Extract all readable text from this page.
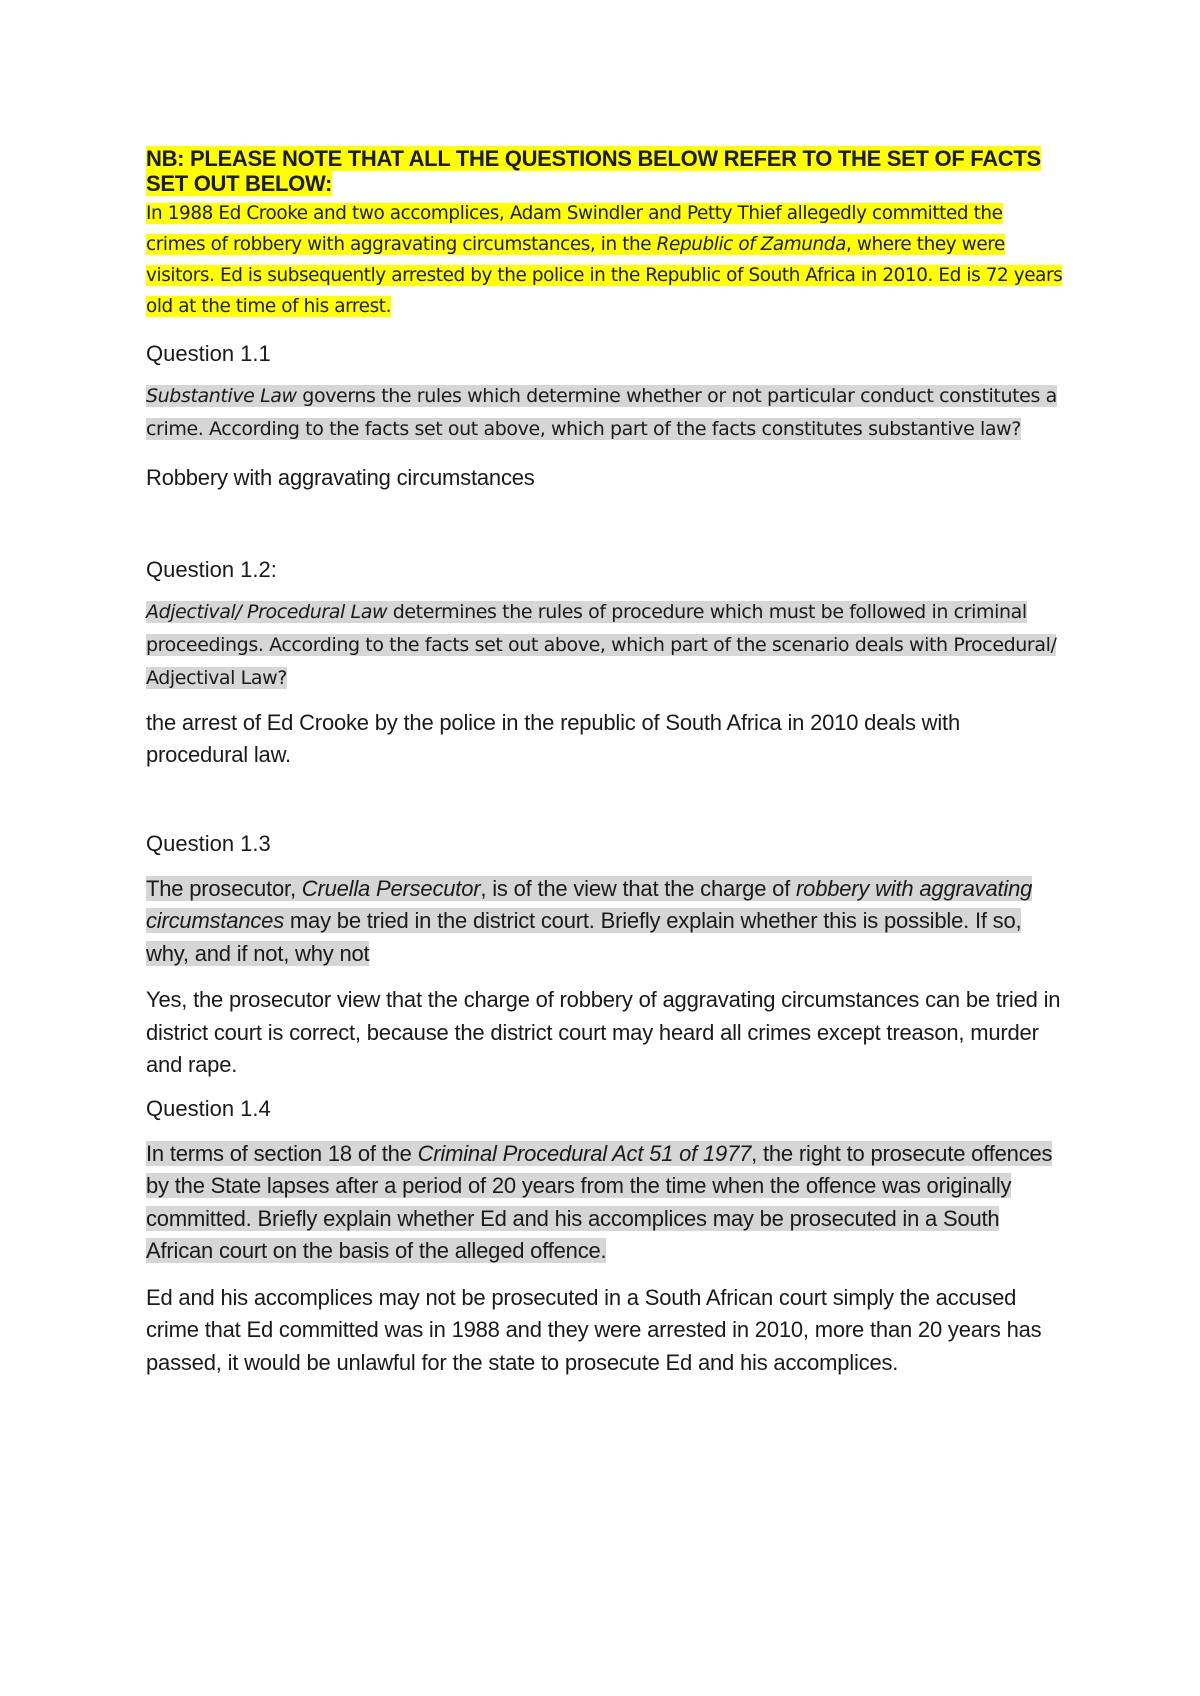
NB: PLEASE NOTE THAT ALL THE QUESTIONS BELOW REFER TO THE SET OF FACTS SET OUT BELOW:

In 1988 Ed Crooke and two accomplices, Adam Swindler and Petty Thief allegedly committed the crimes of robbery with aggravating circumstances, in the Republic of Zamunda, where they were visitors. Ed is subsequently arrested by the police in the Republic of South Africa in 2010. Ed is 72 years old at the time of his arrest.

Question 1.1

Substantive Law governs the rules which determine whether or not particular conduct constitutes a crime. According to the facts set out above, which part of the facts constitutes substantive law?

Robbery with aggravating circumstances

Question 1.2:

Adjectival/ Procedural Law determines the rules of procedure which must be followed in criminal proceedings. According to the facts set out above, which part of the scenario deals with Procedural/ Adjectival Law?

the arrest of Ed Crooke by the police in the republic of South Africa in 2010 deals with procedural law.

Question 1.3

The prosecutor, Cruella Persecutor, is of the view that the charge of robbery with aggravating circumstances may be tried in the district court. Briefly explain whether this is possible. If so, why, and if not, why not

Yes, the prosecutor view that the charge of robbery of aggravating circumstances can be tried in district court is correct, because the district court may heard all crimes except treason, murder and rape.

Question 1.4

In terms of section 18 of the Criminal Procedural Act 51 of 1977, the right to prosecute offences by the State lapses after a period of 20 years from the time when the offence was originally committed. Briefly explain whether Ed and his accomplices may be prosecuted in a South African court on the basis of the alleged offence.

Ed and his accomplices may not be prosecuted in a South African court simply the accused crime that Ed committed was in 1988 and they were arrested in 2010, more than 20 years has passed, it would be unlawful for the state to prosecute Ed and his accomplices.
